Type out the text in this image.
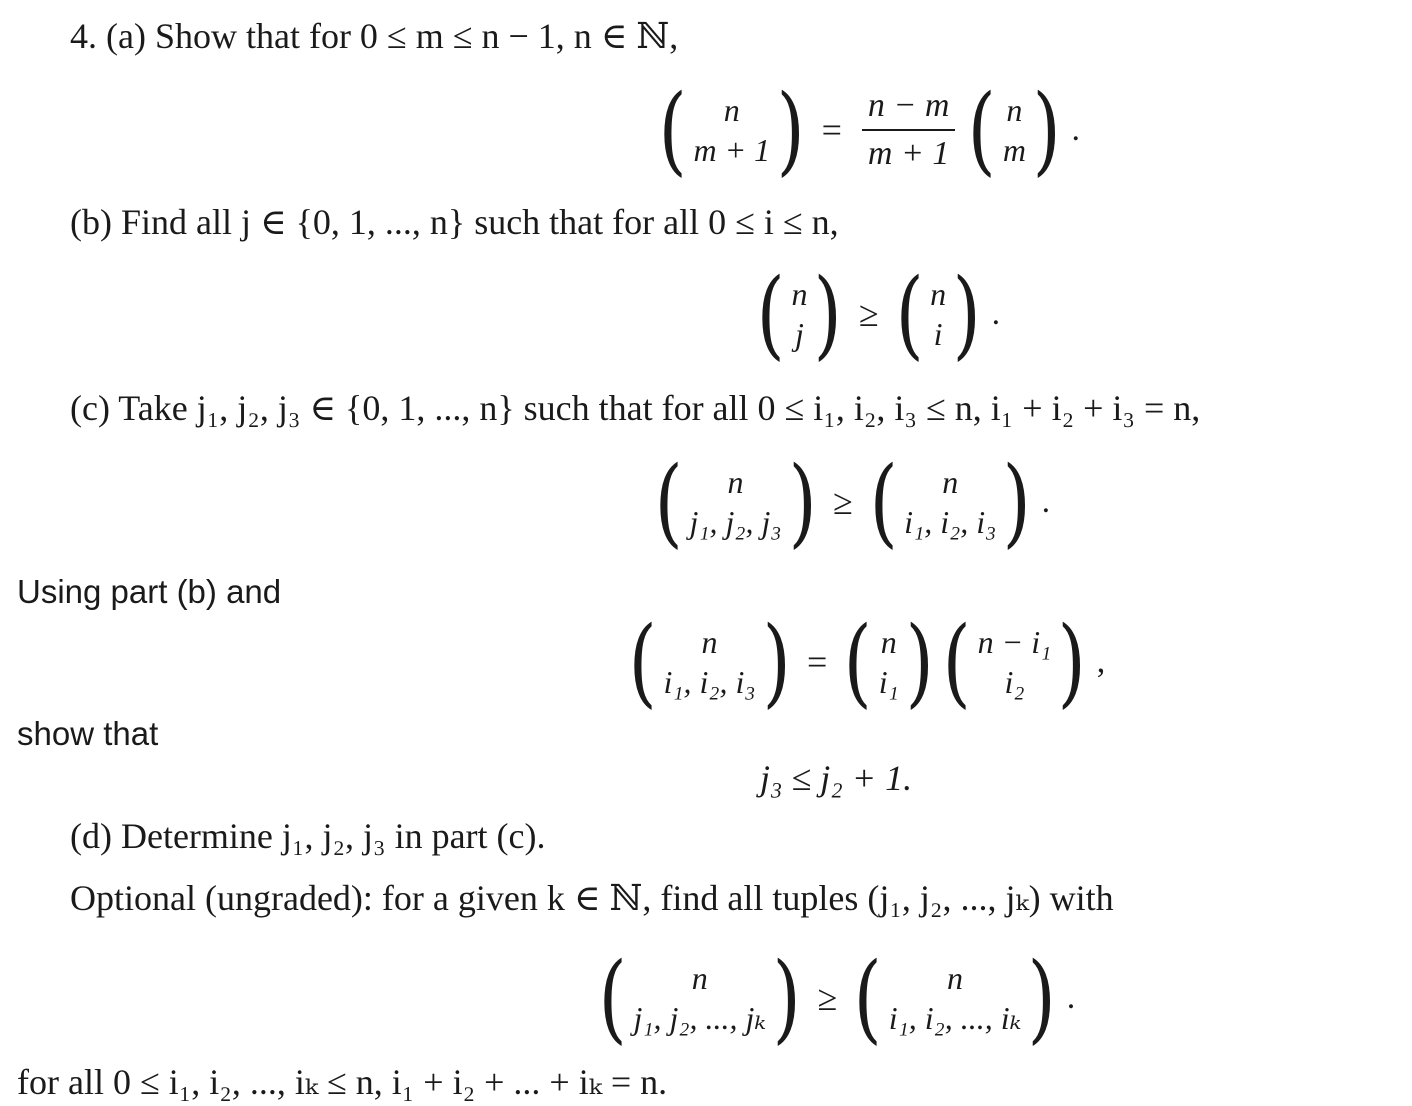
4. (a) Show that for 0 ≤ m ≤ n − 1, n ∈ ℕ,
( n
m + 1 ) = $\frac{n - m}{m + 1}$ ( n
m ) .
(b) Find all j ∈ {0, 1, ..., n} such that for all 0 ≤ i ≤ n,
( n
j ) ≥ ( n
i ) .
(c) Take j₁, j₂, j₃ ∈ {0, 1, ..., n} such that for all 0 ≤ i₁, i₂, i₃ ≤ n, i₁ + i₂ + i₃ = n,
( n
j₁, j₂, j₃ ) ≥ ( n
i₁, i₂, i₃ ) .
Using part (b) and
( n
i₁, i₂, i₃ ) = ( n
i₁ ) ( n − i₁
i₂ ) ,
show that
j₃ ≤ j₂ + 1.
(d) Determine j₁, j₂, j₃ in part (c).
Optional (ungraded): for a given k ∈ ℕ, find all tuples (j₁, j₂, ..., jₖ) with
( n
j₁, j₂, ..., jₖ ) ≥ ( n
i₁, i₂, ..., iₖ ) .
for all 0 ≤ i₁, i₂, ..., iₖ ≤ n, i₁ + i₂ + ... + iₖ = n.
